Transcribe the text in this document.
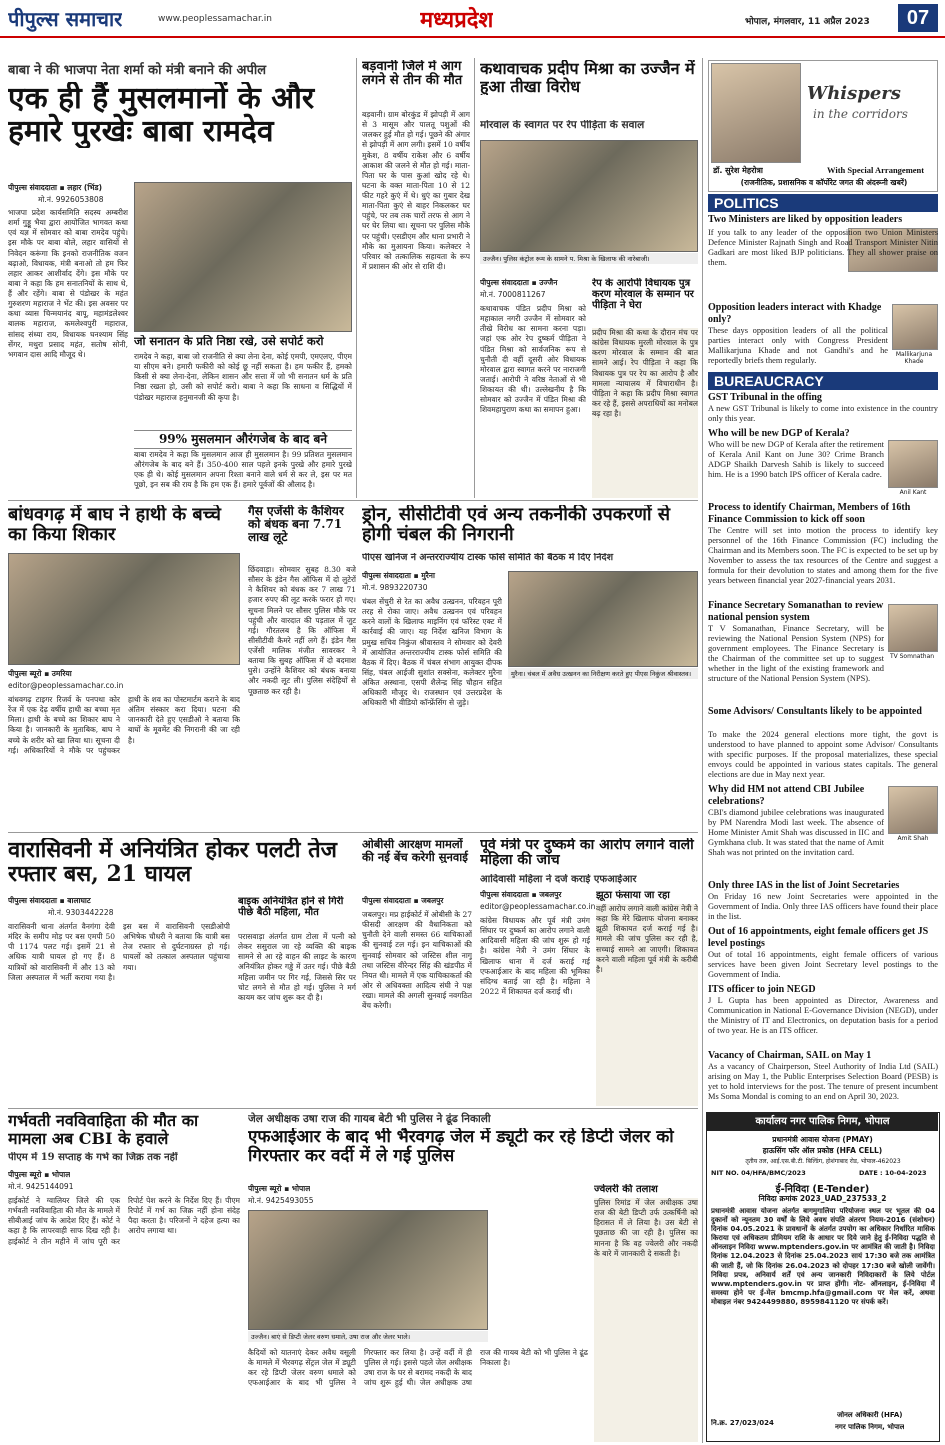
पीपुल्स समाचार	www.peoplessamachar.in	मध्यप्रदेश	भोपाल, मंगलवार, 11 अप्रैल 2023	07
बाबा ने की भाजपा नेता शर्मा को मंत्री बनाने की अपील
एक ही हैं मुसलमानों के और हमारे पुरखेः बाबा रामदेव
पीपुल्स संवाददाता ▪ लहार (भिंड)
मो.नं. 9926053808
भाजपा प्रदेश कार्यसमिति सदस्य अम्बरीश शर्मा गुड्डू भैया द्वारा आयोजित भागवत कथा एवं यज्ञ में सोमवार को बाबा रामदेव पहुंचे। इस मौके पर बाबा बोले, लहार वासियों से निवेदन करूंगा कि इनको राजनीतिक वजन बढ़ाओ, विधायक, मंत्री बनाओ तो हम फिर लहार आकर आशीर्वाद देंगे। इस मौके पर बाबा ने कहा कि हम सनातनियों के साथ थे, हैं और रहेंगे। बाबा से पंडोखर के महंत गुरुशरण महाराज ने भेंट की। इस अवसर पर कथा व्यास चिन्मयानंद बापू, महामंडलेश्वर बालक महाराज, कमलेश्वपुरी महाराज, सांसद संध्या राय, विधायक घनश्याम सिंह सेंगर, मथुरा प्रसाद महंत, सतोष सोनी, भगवान दास आदि मौजूद थे।
जो सनातन के प्रति निष्ठा रखे, उसे सपोर्ट करो
रामदेव ने कहा, बाबा जो राजनीति से क्या लेना देना, कोई एमपी, एमएलए, पीएम या सीएम बने। हमारी फकीरी को कोई छू नहीं सकता है। हम फकीर हैं, हमको किसी से क्या लेना-देना, लेकिन शासन और सत्ता में जो भी सनातन धर्म के प्रति निष्ठा रखता हो, उसी को सपोर्ट करो। बाबा ने कहा कि साधना व सिद्धियों में पंडोखर महाराज हनुमानजी की कृपा है।
99% मुसलमान औरंगजेब के बाद बने
बाबा रामदेव ने कहा कि मुसलमान आज ही मुसलमान है। 99 प्रतिशत मुसलमान औरंगजेब के बाद बने हैं। 350-400 साल पहले इनके पुरखे और हमारे पुरखे एक ही थे। कोई मुसलमान अपना रिश्ता बनाने वाले धर्म से कर ले, इस पर मत पूछो, इन सब की राय है कि हम एक हैं। हमारे पूर्वजों की औलाद है।
बड़वानी जिले में आग लगने से तीन की मौत
बड़वानी। ग्राम बोरकुंड में झोपड़ी में आग से 3 मासूम और पालतू पशुओं की जलकर हुई मौत हो गई। पूछने की अंगार से झोपड़ी में आग लगी। इसमें 10 वर्षीय मुकेश, 8 वर्षीय राकेश और 6 वर्षीय आकाश की जलने से मौत हो गई। माता-पिता घर के पास कुआं खोद रहे थे। घटना के वक्त माता-पिता 10 से 12 फीट गहरे कुएं में थे। धुएं का गुबार देख माता-पिता कुएं से बाहर निकलकर घर पहुंचे, पर तब तक चारों तरफ से आग ने घर घेर लिया था। सूचना पर पुलिस मौके पर पहुंची। एसडीएम और थाना प्रभारी ने मौके का मुआयना किया। कलेक्टर ने परिवार को तत्कालिक सहायता के रूप में प्रशासन की ओर से राशि दी।
कथावाचक प्रदीप मिश्रा का उज्जैन में हुआ तीखा विरोध
मोरवाल के स्वागत पर रेप पीड़िता के सवाल
उज्जैन। पुलिस कंट्रोल रूम के सामने प. मिश्रा के खिलाफ की नारेबाजी।
पीपुल्स संवाददाता ▪ उज्जैन
मो.नं. 7000811267
कथावाचक पंडित प्रदीप मिश्रा को महाकाल नगरी उज्जैन में सोमवार को तीखे विरोध का सामना करना पड़ा। जहां एक ओर रेप दुष्कर्म पीड़िता ने पंडित मिश्रा को सार्वजनिक रूप से चुनौती दी वहीं दूसरी ओर विधायक मोरवाल द्वारा स्वागत करने पर नाराजगी जताई। आरोपी ने वरिष्ठ नेताओं से भी शिकायत की थी। उल्लेखनीय है कि सोमवार को उज्जैन में पंडित मिश्रा की शिवमहापुराण कथा का समापन हुआ।
रेप के आरोपी विधायक पुत्र करण मोरवाल के सम्मान पर पीड़िता ने घेरा
प्रदीप मिश्रा की कथा के दौरान मंच पर कांग्रेस विधायक मुरली मोरवाल के पुत्र करण मोरवाल के सम्मान की बात सामने आई। रेप पीड़िता ने कहा कि विधायक पुत्र पर रेप का आरोप है और मामला न्यायालय में विचाराधीन है। पीड़िता ने कहा कि प्रदीप मिश्रा स्वागत कर रहे हैं, इससे अपराधियों का मनोबल बढ़ रहा है।
बांधवगढ़ में बाघ ने हाथी के बच्चे का किया शिकार
पीपुल्स ब्यूरो ▪ उमरिया
editor@peoplessamachar.co.in
बांधवगढ़ टाइगर रिजर्व के पनपथा कोर रेंज में एक देढ़ वर्षीय हाथी का बच्चा मृत मिला। हाथी के बच्चे का शिकार बाघ ने किया है। जानकारी के मुताबिक, बाघ ने बच्चे के शरीर को खा लिया था। सूचना दी गई। अधिकारियों ने मौके पर पहुंचकर हाथी के शव का पोस्टमार्टम कराने के बाद अंतिम संस्कार करा दिया। घटना की जानकारी देते हुए एसडीओ ने बताया कि बाघों के मूवमेंट की निगरानी की जा रही है।
गैस एजेंसी के कैशियर को बंधक बना 7.71 लाख लूटे
छिंदवाड़ा। सोमवार सुबह 8.30 बजे सौसर के इंडेन गैस ऑफिस में दो लुटेरों ने कैशियर को बंधक कर 7 लाख 71 हजार रुपए की लूट करके फरार हो गए। सूचना मिलने पर सौसर पुलिस मौके पर पहुंची और वारदात की पड़ताल में जुट गई। गौरतलब है कि ऑफिस में सीसीटीवी कैमरे नहीं लगे हैं। इंडेन गैस एजेंसी मालिक मंजीत सावरकर ने बताया कि सुबह ऑफिस में दो बदमाश घुसे। उन्होंने कैशियर को बंधक बनाया और नकदी लूट ली। पुलिस संदेहियों से पूछताछ कर रही है।
ड्रोन, सीसीटीवी एवं अन्य तकनीकी उपकरणों से होगी चंबल की निगरानी
पीएस खनिज ने अन्तरराज्यीय टास्क फोर्स समिति की बैठक में दिए निर्देश
पीपुल्स संवाददाता ▪ मुरैना
मो.नं. 9893220730
मुरैना। चंबल में अवैध उत्खनन का निरीक्षण करते हुए पीएस निकुंज श्रीवास्तव।
चंबल सेंचुरी से रेत का अवैध उत्खनन, परिवहन पूरी तरह से रोका जाए। अवैध उत्खनन एवं परिवहन करने वालों के खिलाफ माइनिंग एवं फॉरेस्ट एक्ट में कार्रवाई की जाए। यह निर्देश खनिज विभाग के प्रमुख सचिव निकुंज श्रीवास्तव ने सोमवार को देवरी में आयोजित अन्तरराज्यीय टास्क फोर्स समिति की बैठक में दिए। बैठक में चंबल संभाग आयुक्त दीपक सिंह, चंबल आईजी सुशांत सक्सेना, कलेक्टर मुरैना अंकित अस्थाना, एसपी शैलेन्द्र सिंह चौहान सहित अधिकारी मौजूद थे। राजस्थान एवं उत्तरप्रदेश के अधिकारी भी वीडियो कॉन्फ्रेंसिंग से जुड़े।
वारासिवनी में अनियंत्रित होकर पलटी तेज रफ्तार बस, 21 घायल
पीपुल्स संवाददाता ▪ बालाघाट
मो.नं. 9303442228
वारासिवनी थाना अंतर्गत वैनगंगा देवी मंदिर के समीप मोड़ पर बस एमपी 50 पी 1174 पलट गई। इसमें 21 से अधिक यात्री घायल हो गए हैं। 8 यात्रियों को वारासिवनी में और 13 को जिला अस्पताल में भर्ती कराया गया है। इस बस में वारासिवनी एसडीओपी अभिषेक चौधरी ने बताया कि यात्री बस तेज रफ्तार से दुर्घटनाग्रस्त हो गई। घायलों को तत्काल अस्पताल पहुंचाया गया।
बाइक अनियंत्रित होने से गिरी पीछे बैठी महिला, मौत
परासवाड़ा अंतर्गत ग्राम टोला में पत्नी को लेकर ससुराल जा रहे व्यक्ति की बाइक सामने से आ रहे वाहन की लाइट के कारण अनियंत्रित होकर गड्ढे में उतर गई। पीछे बैठी महिला जमीन पर गिर गई, जिससे सिर पर चोट लगने से मौत हो गई। पुलिस ने मर्ग कायम कर जांच शुरू कर दी है।
ओबीसी आरक्षण मामलों की नई बेंच करेगी सुनवाई
पीपुल्स संवाददाता ▪ जबलपुर
जबलपुर। मप्र हाईकोर्ट में ओबीसी के 27 फीसदी आरक्षण की वैधानिकता को चुनौती देने वाली समस्त 66 याचिकाओं की सुनवाई टल गई। इन याचिकाओं की सुनवाई सोमवार को जस्टिस शील नागू तथा जस्टिस वीरेन्दर सिंह की खंडपीठ में नियत थी। मामले में एक याचिकाकर्ता की ओर से अधिवक्ता आदित्य संघी ने पक्ष रखा। मामले की अगली सुनवाई नवगठित बेंच करेगी।
पूर्व मंत्री पर दुष्कर्म का आरोप लगाने वाली महिला की जांच
आदिवासी महिला ने दर्ज कराई एफआईआर
पीपुल्स संवाददाता ▪ जबलपुर
editor@peoplessamachar.co.in
कांग्रेस विधायक और पूर्व मंत्री उमंग सिंघार पर दुष्कर्म का आरोप लगाने वाली आदिवासी महिला की जांच शुरू हो गई है। कांग्रेस नेत्री ने उमंग सिंघार के खिलाफ थाना में दर्ज कराई गई एफआईआर के बाद महिला की भूमिका संदिग्ध बताई जा रही है। महिला ने 2022 में शिकायत दर्ज कराई थी।
झूठा फंसाया जा रहा
वहीं आरोप लगाने वाली कांग्रेस नेत्री ने कहा कि मेरे खिलाफ योजना बनाकर झूठी शिकायत दर्ज कराई गई है। मामले की जांच पुलिस कर रही है, सच्चाई सामने आ जाएगी। शिकायत करने वाली महिला पूर्व मंत्री के करीबी है।
गर्भवती नवविवाहिता की मौत का मामला अब CBI के हवाले
पीएम में 19 सप्ताह के गर्भ का जिक्र तक नहीं
पीपुल्स ब्यूरो ▪ भोपाल
मो.नं. 9425144091
हाईकोर्ट ने ग्वालियर जिले की एक गर्भवती नवविवाहिता की मौत के मामले में सीबीआई जांच के आदेश दिए हैं। कोर्ट ने कहा है कि लापरवाही साफ दिख रही है। हाईकोर्ट ने तीन महीने में जांच पूरी कर रिपोर्ट पेश करने के निर्देश दिए हैं। पीएम रिपोर्ट में गर्भ का जिक्र नहीं होना संदेह पैदा करता है। परिजनों ने दहेज हत्या का आरोप लगाया था।
जेल अधीक्षक उषा राज की गायब बेटी भी पुलिस ने ढूंढ निकाली
एफआईआर के बाद भी भैरवगढ़ जेल में ड्यूटी कर रहे डिप्टी जेलर को गिरफ्तार कर वर्दी में ले गई पुलिस
पीपुल्स ब्यूरो ▪ भोपाल
मो.नं. 9425493055
उज्जैन। बाएं से डिप्टी जेलर वरुण धमाले, उषा राज और जेलर भाले।
कैदियों को यातनाएं देकर अवैध वसूली के मामले में भैरवगढ़ सेंट्रल जेल में ड्यूटी कर रहे डिप्टी जेलर वरुण धमाले को एफआईआर के बाद भी पुलिस ने गिरफ्तार कर लिया है। उन्हें वर्दी में ही पुलिस ले गई। इससे पहले जेल अधीक्षक उषा राज के घर से बरामद नकदी के बाद जांच शुरू हुई थी। जेल अधीक्षक उषा राज की गायब बेटी को भी पुलिस ने ढूंढ निकाला है।
ज्वेलरी की तलाश
पुलिस रिमांड में जेल अधीक्षक उषा राज की बेटी डिप्टी उर्फ उत्कर्षिनी को हिरासत में ले लिया है। उस बेटी से पूछताछ की जा रही है। पुलिस का मानना है कि वह ज्वेलरी और नकदी के बारे में जानकारी दे सकती है।
Whispers
in the corridors
डॉ. सुरेश मेहरोत्रा	With Special Arrangement
(राजनीतिक, प्रशासनिक व कॉर्पोरेट जगत की अंदरूनी खबरें)
POLITICS
Two Ministers are liked by opposition leaders
If you talk to any leader of the opposition two Union Ministers Defence Minister Rajnath Singh and Road Transport Minister Nitin Gadkari are most liked BJP politicians. They all shower praise on them.
Opposition leaders interact with Khadge only?
Mallikarjuna Khade
These days opposition leaders of all the political parties interact only with Congress President Mallikarjuna Khade and not Gandhi's and he reportedly briefs them regularly.
BUREAUCRACY
GST Tribunal in the offing
A new GST Tribunal is likely to come into existence in the country only this year.
Who will be new DGP of Kerala?
Who will be new DGP of Kerala after the retirement of Kerala Anil Kant on June 30? Crime Branch ADGP Shaikh Darvesh Sahib is likely to succeed him. He is a 1990 batch IPS officer of Kerala cadre.
Anil Kant
Process to identify Chairman, Members of 16th Finance Commission to kick off soon
The Centre will set into motion the process to identify key personnel of the 16th Finance Commission (FC) including the Chairman and its Members soon. The FC is expected to be set up by November to assess the tax resources of the Centre and suggest a formula for their devolution to states and among them for the five years between financial year 2027-financial years 2031.
Finance Secretary Somanathan to review national pension system
T V Somanathan, Finance Secretary, will be reviewing the National Pension System (NPS) for government employees. The Finance Secretary is the Chairman of the committee set up to suggest whether in the light of the existing framework and structure of the National Pension System (NPS).
TV Somnathan
Some Advisors/ Consultants likely to be appointed
To make the 2024 general elections more tight, the govt is understood to have planned to appoint some Advisor/ Consultants with specific purposes. If the proposal materializes, these special envoys could be appointed in various states capitals. The general elections are due in May next year.
Why did HM not attend CBI Jubilee celebrations?
CBI's diamond jubilee celebrations was inaugurated by PM Narendra Modi last week. The absence of Home Minister Amit Shah was discussed in IIC and Gymkhana club. It was stated that the name of Amit Shah was not printed on the invitation card.
Amit Shah
Only three IAS in the list of Joint Secretaries
On Friday 16 new Joint Secretaries were appointed in the Government of India. Only three IAS officers have found their place in the list.
Out of 16 appointments, eight female officers get JS level postings
Out of total 16 appointments, eight female officers of various services have been given Joint Secretary level postings to the Government of India.
ITS officer to join NEGD
J L Gupta has been appointed as Director, Awareness and Communication in National E-Governance Division (NEGD), under the Ministry of IT and Electronics, on deputation basis for a period of two year. He is an ITS officer.
Vacancy of Chairman, SAIL on May 1
As a vacancy of Chairperson, Steel Authority of India Ltd (SAIL) arising on May 1, the Public Enterprises Selection Board (PESB) is yet to hold interviews for the post. The tenure of present incumbent Ms Soma Mondal is coming to an end on April 30, 2023.
कार्यालय नगर पालिक निगम, भोपाल
प्रधानमंत्री आवास योजना (PMAY)
हाऊसिंग फॉर ऑल प्रकोष्ठ (HFA CELL)
तृतीय तल, आई.एस.बी.टी. बिल्डिंग, होशंगाबाद रोड, भोपाल-462023
NIT NO. 04/HFA/BMC/2023	DATE : 10-04-2023
ई-निविदा (E-Tender)
निविदा क्रमांक 2023_UAD_237533_2
प्रधानमंत्री आवास योजना अंतर्गत बागमुगालिया परियोजना स्थल पर भूतल की 04 दुकानों को न्यूनतम 30 वर्षों के लिये अवध संपति अंतरण नियम-2016 (संशोधन) दिनांक 04.05.2021 के प्रावधानों के अंतर्गत उपयोग का अधिकार निर्धारित मासिक किराया एवं अधिकतम प्रीमियम राशि के आधार पर दिये जाने हेतु ई-निविदा पद्धति से ऑनलाइन निविदा www.mptenders.gov.in पर आमंत्रित की जाती है। निविदा दिनांक 12.04.2023 से दिनांक 25.04.2023 सायं 17:30 बजे तक आमंत्रित की जाती हैं, जो कि दिनांक 26.04.2023 को दोपहर 17:30 बजे खोली जावेंगी। निविदा प्रपत्र, अनिवार्य शर्तें एवं अन्य जानकारी निविदाकारों के लिये पोर्टल www.mptenders.gov.in पर प्राप्त होंगी। नोट- ऑनलाइन, ई-निविदा में समस्या होने पर ई-मेल bmcmp.hfa@gmail.com पर मेल करें, अथवा मोबाइल नंबर 9424499880, 8959841120 पर संपर्क करें।
नि.क्र. 27/023/024
जोनल अधिकारी (HFA)
नगर पालिक निगम, भोपाल
